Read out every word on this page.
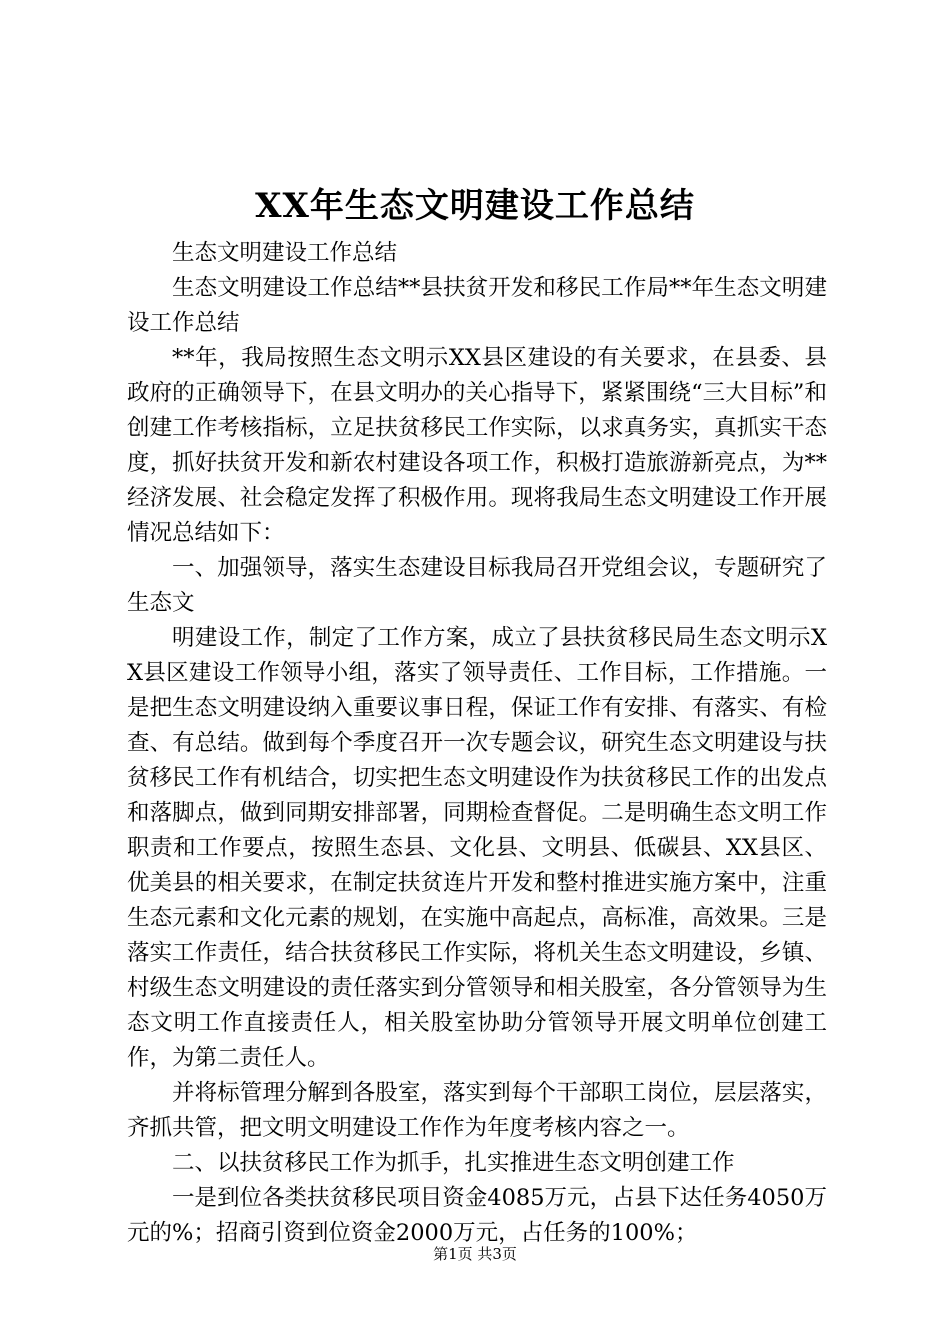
XX年生态文明建设工作总结

生态文明建设工作总结

生态文明建设工作总结**县扶贫开发和移民工作局**年生态文明建设工作总结

**年，我局按照生态文明示XX县区建设的有关要求，在县委、县政府的正确领导下，在县文明办的关心指导下，紧紧围绕“三大目标”和创建工作考核指标，立足扶贫移民工作实际，以求真务实，真抓实干态度，抓好扶贫开发和新农村建设各项工作，积极打造旅游新亮点，为**经济发展、社会稳定发挥了积极作用。现将我局生态文明建设工作开展情况总结如下：

一、加强领导，落实生态建设目标我局召开党组会议，专题研究了生态文

明建设工作，制定了工作方案，成立了县扶贫移民局生态文明示XX县区建设工作领导小组，落实了领导责任、工作目标，工作措施。一是把生态文明建设纳入重要议事日程，保证工作有安排、有落实、有检查、有总结。做到每个季度召开一次专题会议，研究生态文明建设与扶贫移民工作有机结合，切实把生态文明建设作为扶贫移民工作的出发点和落脚点，做到同期安排部署，同期检查督促。二是明确生态文明工作职责和工作要点，按照生态县、文化县、文明县、低碳县、XX县区、优美县的相关要求，在制定扶贫连片开发和整村推进实施方案中，注重生态元素和文化元素的规划，在实施中高起点，高标准，高效果。三是落实工作责任，结合扶贫移民工作实际，将机关生态文明建设，乡镇、村级生态文明建设的责任落实到分管领导和相关股室，各分管领导为生态文明工作直接责任人，相关股室协助分管领导开展文明单位创建工作，为第二责任人。

并将标管理分解到各股室，落实到每个干部职工岗位，层层落实，齐抓共管，把文明文明建设工作作为年度考核内容之一。

二、以扶贫移民工作为抓手，扎实推进生态文明创建工作

一是到位各类扶贫移民项目资金4085万元，占县下达任务4050万元的%；招商引资到位资金2000万元，占任务的100%；

第1页 共3页
